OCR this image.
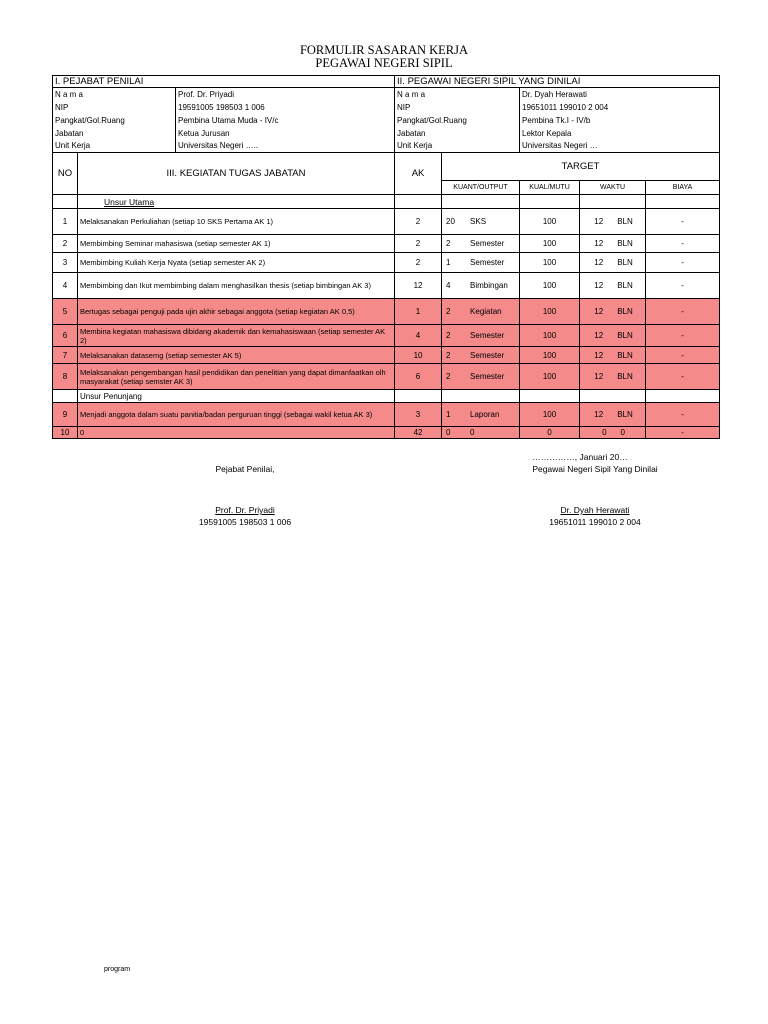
FORMULIR SASARAN KERJA
PEGAWAI NEGERI SIPIL
I. PEJABAT PENILAI			II. PEGAWAI NEGERI SIPIL YANG DINILAI				
N a m a		Prof. Dr. Priyadi	N a m a		Dr. Dyah Herawati		
NIP		19591005 198503 1 006	NIP		19651011 199010 2 004		
Pangkat/Gol.Ruang		Pembina Utama Muda - IV/c	Pangkat/Gol.Ruang		Pembina Tk.I - IV/b		
Jabatan		Ketua Jurusan	Jabatan		Lektor Kepala		
Unit Kerja		Universitas Negeri …..	Unit Kerja		Universitas Negeri …		
NO	III. KEGIATAN TUGAS JABATAN		AK	TARGET			
				KUANT/OUTPUT	KUAL/MUTU	WAKTU	BIAYA
	Unsur Utama						
1	Melaksanakan Perkuliahan (setiap 10 SKS Pertama AK 1)		2	20 SKS	100	12 BLN	-
2	Membimbing Seminar mahasiswa (setiap semester AK 1)		2	2 Semester	100	12 BLN	-
3	Membimbing Kuliah Kerja Nyata (setiap semester AK 2)		2	1 Semester	100	12 BLN	-
4	Membimbing dan Ikut membimbing dalam menghasilkan thesis (setiap bimbingan AK 3)		12	4 Bimbingan	100	12 BLN	-
5	Bertugas sebagai penguji pada ujin akhir sebagai anggota (setiap kegiatan AK 0,5)		1	2 Kegiatan	100	12 BLN	-
6	Membina kegiatan mahasiswa dibidang akademik dan kemahasiswaan (setiap semester AK 2)		4	2 Semester	100	12 BLN	-
7	Melaksanakan datasemg (setiap semester AK 5)		10	2 Semester	100	12 BLN	-
8	Melaksanakan pengembangan hasil pendidikan dan penelitian yang dapat dimanfaatkan olh masyarakat (setiap semster AK 3)		6	2 Semester	100	12 BLN	-
	Unsur Penunjang						
9	Menjadi anggota dalam suatu panitia/badan perguruan tinggi (sebagai wakil ketua AK 3)		3	1 Laporan	100	12 BLN	-
10	0		42	0 0	0	0 0	-
……………, Januari 20…
Pejabat Penilai,	Pegawai Negeri Sipil Yang Dinilai
Prof. Dr. Priyadi
19591005 198503 1 006
Dr. Dyah Herawati
19651011 199010 2 004
program
